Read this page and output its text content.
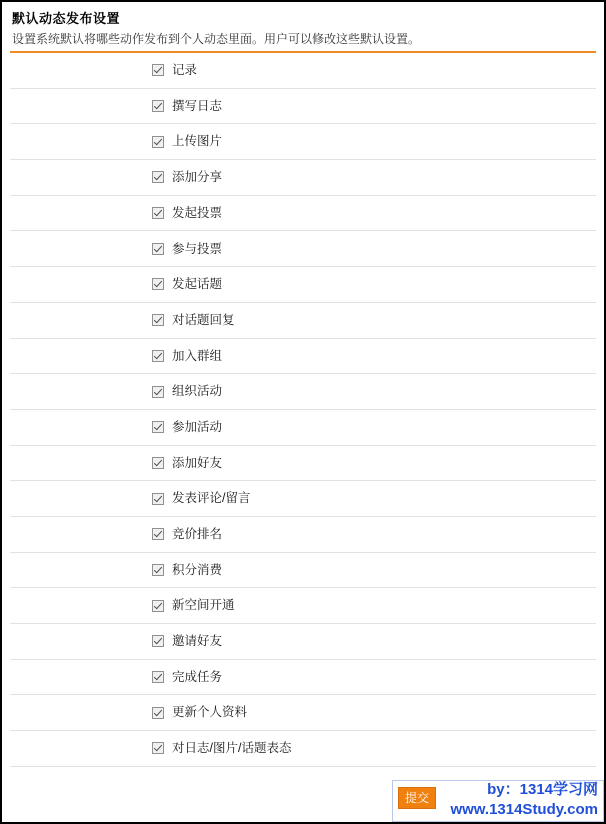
默认动态发布设置
设置系统默认将哪些动作发布到个人动态里面。用户可以修改这些默认设置。
记录
撰写日志
上传图片
添加分享
发起投票
参与投票
发起话题
对话题回复
加入群组
组织活动
参加活动
添加好友
发表评论/留言
竞价排名
积分消费
新空间开通
邀请好友
完成任务
更新个人资料
对日志/图片/话题表态
提交	by：1314学习网
www.1314Study.com
